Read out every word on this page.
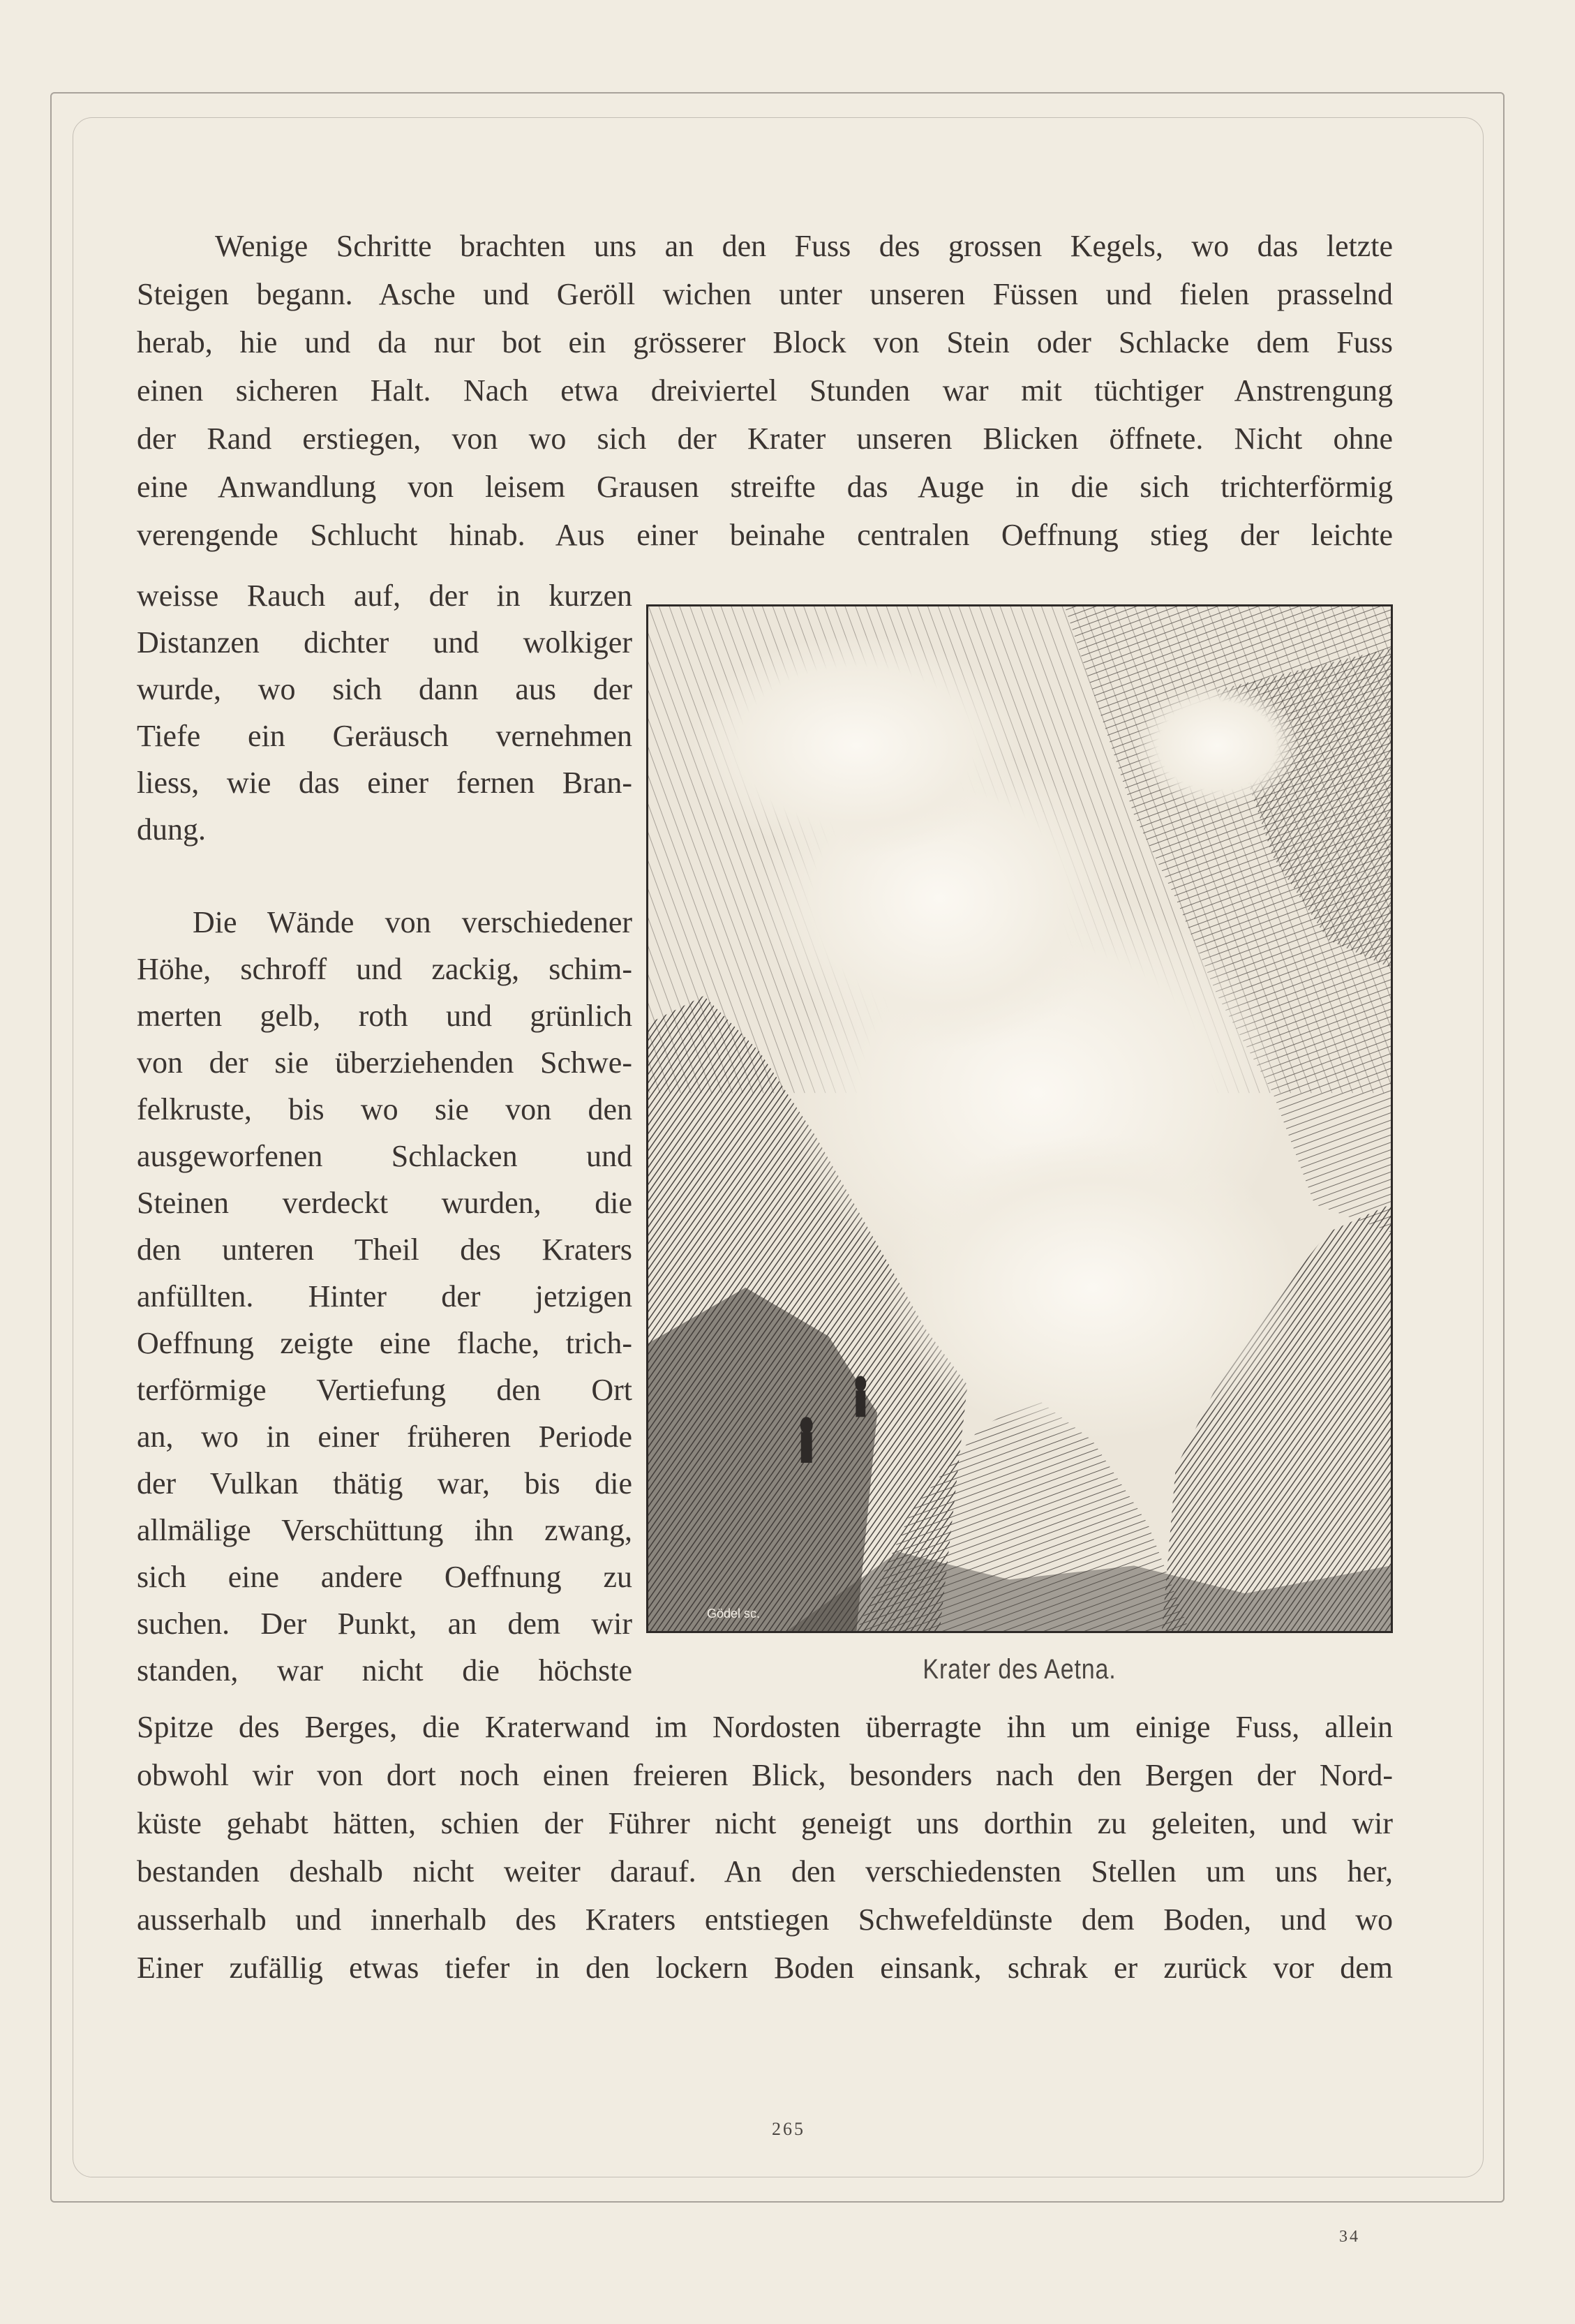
Wenige Schritte brachten uns an den Fuss des grossen Kegels, wo das letzte

Steigen begann. Asche und Geröll wichen unter unseren Füssen und fielen prasselnd

herab, hie und da nur bot ein grösserer Block von Stein oder Schlacke dem Fuss

einen sicheren Halt. Nach etwa dreiviertel Stunden war mit tüchtiger Anstrengung

der Rand erstiegen, von wo sich der Krater unseren Blicken öffnete. Nicht ohne

eine Anwandlung von leisem Grausen streifte das Auge in die sich trichterförmig

verengende Schlucht hinab. Aus einer beinahe centralen Oeffnung stieg der leichte

weisse Rauch auf, der in kurzen

Distanzen dichter und wolkiger

wurde, wo sich dann aus der

Tiefe ein Geräusch vernehmen

liess, wie das einer fernen Bran-

dung.

Die Wände von verschiedener

Höhe, schroff und zackig, schim-

merten gelb, roth und grünlich

von der sie überziehenden Schwe-

felkruste, bis wo sie von den

ausgeworfenen Schlacken und

Steinen verdeckt wurden, die

den unteren Theil des Kraters

anfüllten. Hinter der jetzigen

Oeffnung zeigte eine flache, trich-

terförmige Vertiefung den Ort

an, wo in einer früheren Periode

der Vulkan thätig war, bis die

allmälige Verschüttung ihn zwang,

sich eine andere Oeffnung zu

suchen. Der Punkt, an dem wir

standen, war nicht die höchste

Gödel sc.
Krater des Aetna.

Spitze des Berges, die Kraterwand im Nordosten überragte ihn um einige Fuss, allein

obwohl wir von dort noch einen freieren Blick, besonders nach den Bergen der Nord-

küste gehabt hätten, schien der Führer nicht geneigt uns dorthin zu geleiten, und wir

bestanden deshalb nicht weiter darauf. An den verschiedensten Stellen um uns her,

ausserhalb und innerhalb des Kraters entstiegen Schwefeldünste dem Boden, und wo

Einer zufällig etwas tiefer in den lockern Boden einsank, schrak er zurück vor dem

265
34
